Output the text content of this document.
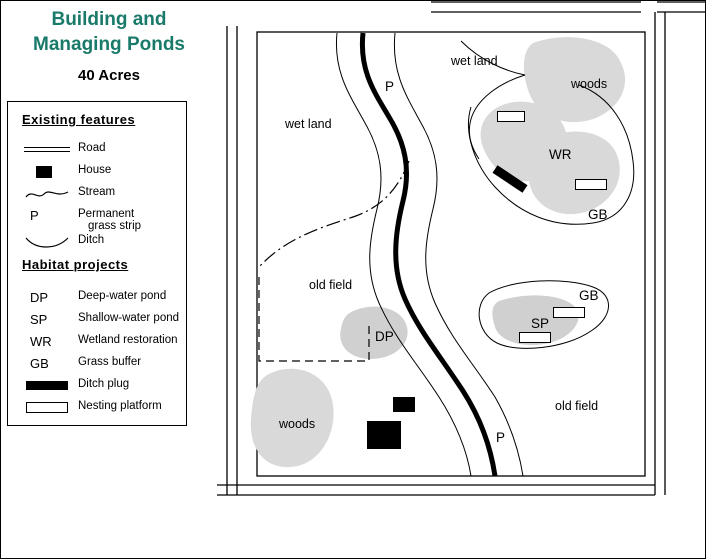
Building and
Managing Ponds
40 Acres
Existing features
Road
House
Stream
P	Permanent
grass strip
Ditch
Habitat projects
DP	Deep-water pond
SP	Shallow-water pond
WR Wetland restoration
GB	Grass buffer
Ditch plug
Nesting platform
wet land
wet land
woods
old field
old field
woods
P
WR
GB
GB
SP
DP
P
